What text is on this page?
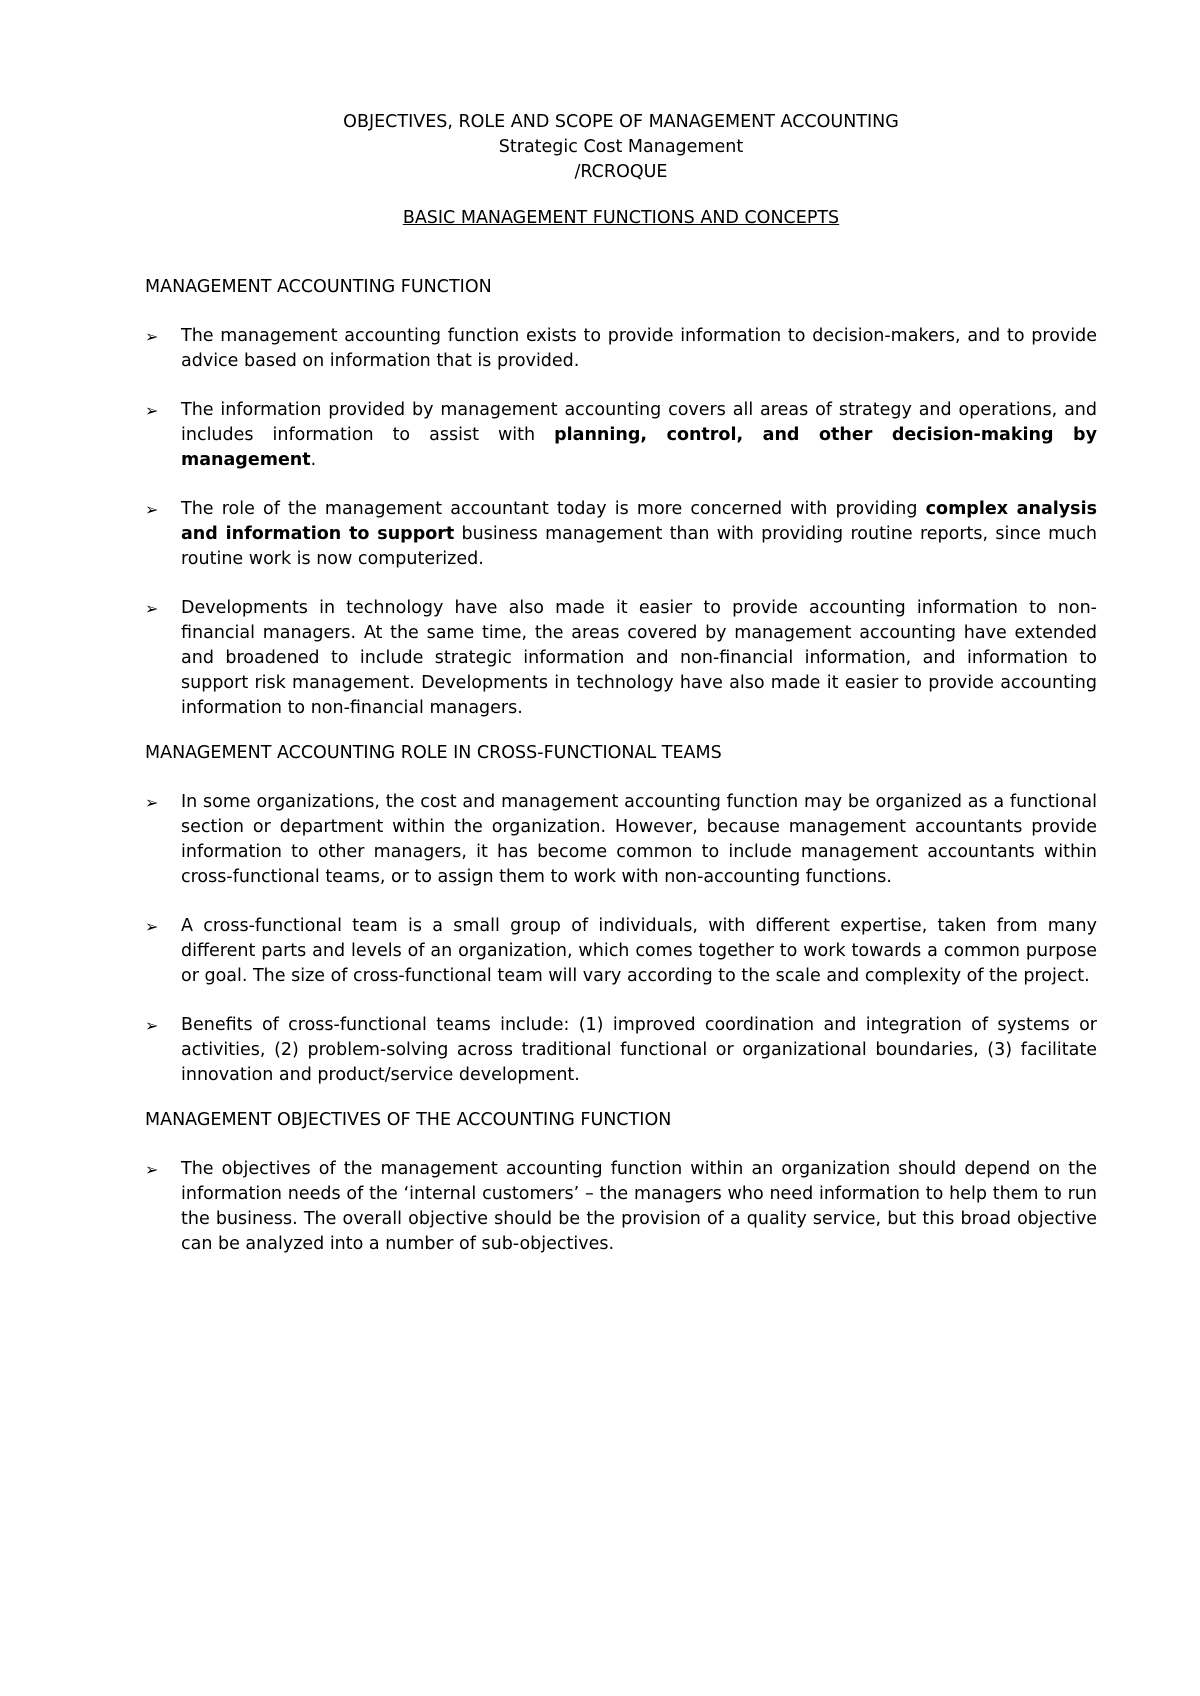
OBJECTIVES, ROLE AND SCOPE OF MANAGEMENT ACCOUNTING
Strategic Cost Management
/RCROQUE
BASIC MANAGEMENT FUNCTIONS AND CONCEPTS
MANAGEMENT ACCOUNTING FUNCTION
➢ The management accounting function exists to provide information to decision-makers, and to provide advice based on information that is provided.
➢ The information provided by management accounting covers all areas of strategy and operations, and includes information to assist with planning, control, and other decision-making by management.
➢ The role of the management accountant today is more concerned with providing complex analysis and information to support business management than with providing routine reports, since much routine work is now computerized.
➢ Developments in technology have also made it easier to provide accounting information to non-financial managers. At the same time, the areas covered by management accounting have extended and broadened to include strategic information and non-financial information, and information to support risk management. Developments in technology have also made it easier to provide accounting information to non-financial managers.
MANAGEMENT ACCOUNTING ROLE IN CROSS-FUNCTIONAL TEAMS
➢ In some organizations, the cost and management accounting function may be organized as a functional section or department within the organization. However, because management accountants provide information to other managers, it has become common to include management accountants within cross-functional teams, or to assign them to work with non-accounting functions.
➢ A cross-functional team is a small group of individuals, with different expertise, taken from many different parts and levels of an organization, which comes together to work towards a common purpose or goal. The size of cross-functional team will vary according to the scale and complexity of the project.
➢ Benefits of cross-functional teams include: (1) improved coordination and integration of systems or activities, (2) problem-solving across traditional functional or organizational boundaries, (3) facilitate innovation and product/service development.
MANAGEMENT OBJECTIVES OF THE ACCOUNTING FUNCTION
➢ The objectives of the management accounting function within an organization should depend on the information needs of the ‘internal customers’ – the managers who need information to help them to run the business. The overall objective should be the provision of a quality service, but this broad objective can be analyzed into a number of sub-objectives.
